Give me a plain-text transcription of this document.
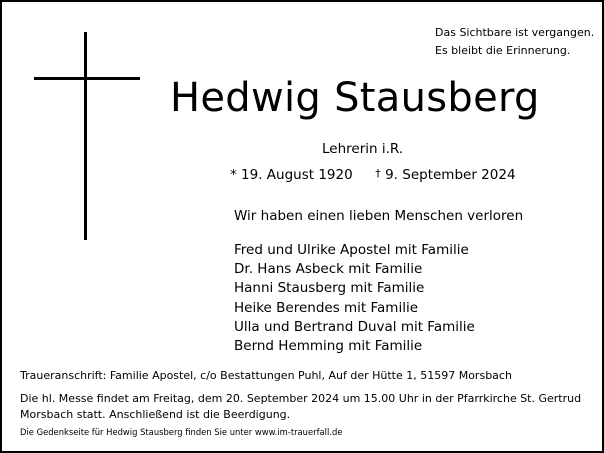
Das Sichtbare ist vergangen.
Es bleibt die Erinnerung.
Hedwig Stausberg
Lehrerin i.R.
* 19. August 1920 † 9. September 2024
Wir haben einen lieben Menschen verloren
Fred und Ulrike Apostel mit Familie
Dr. Hans Asbeck mit Familie
Hanni Stausberg mit Familie
Heike Berendes mit Familie
Ulla und Bertrand Duval mit Familie
Bernd Hemming mit Familie
Traueranschrift: Familie Apostel, c/o Bestattungen Puhl, Auf der Hütte 1, 51597 Morsbach
Die hl. Messe findet am Freitag, dem 20. September 2024 um 15.00 Uhr in der Pfarrkirche St. Gertrud
Morsbach statt. Anschließend ist die Beerdigung.
Die Gedenkseite für Hedwig Stausberg finden Sie unter www.im-trauerfall.de
